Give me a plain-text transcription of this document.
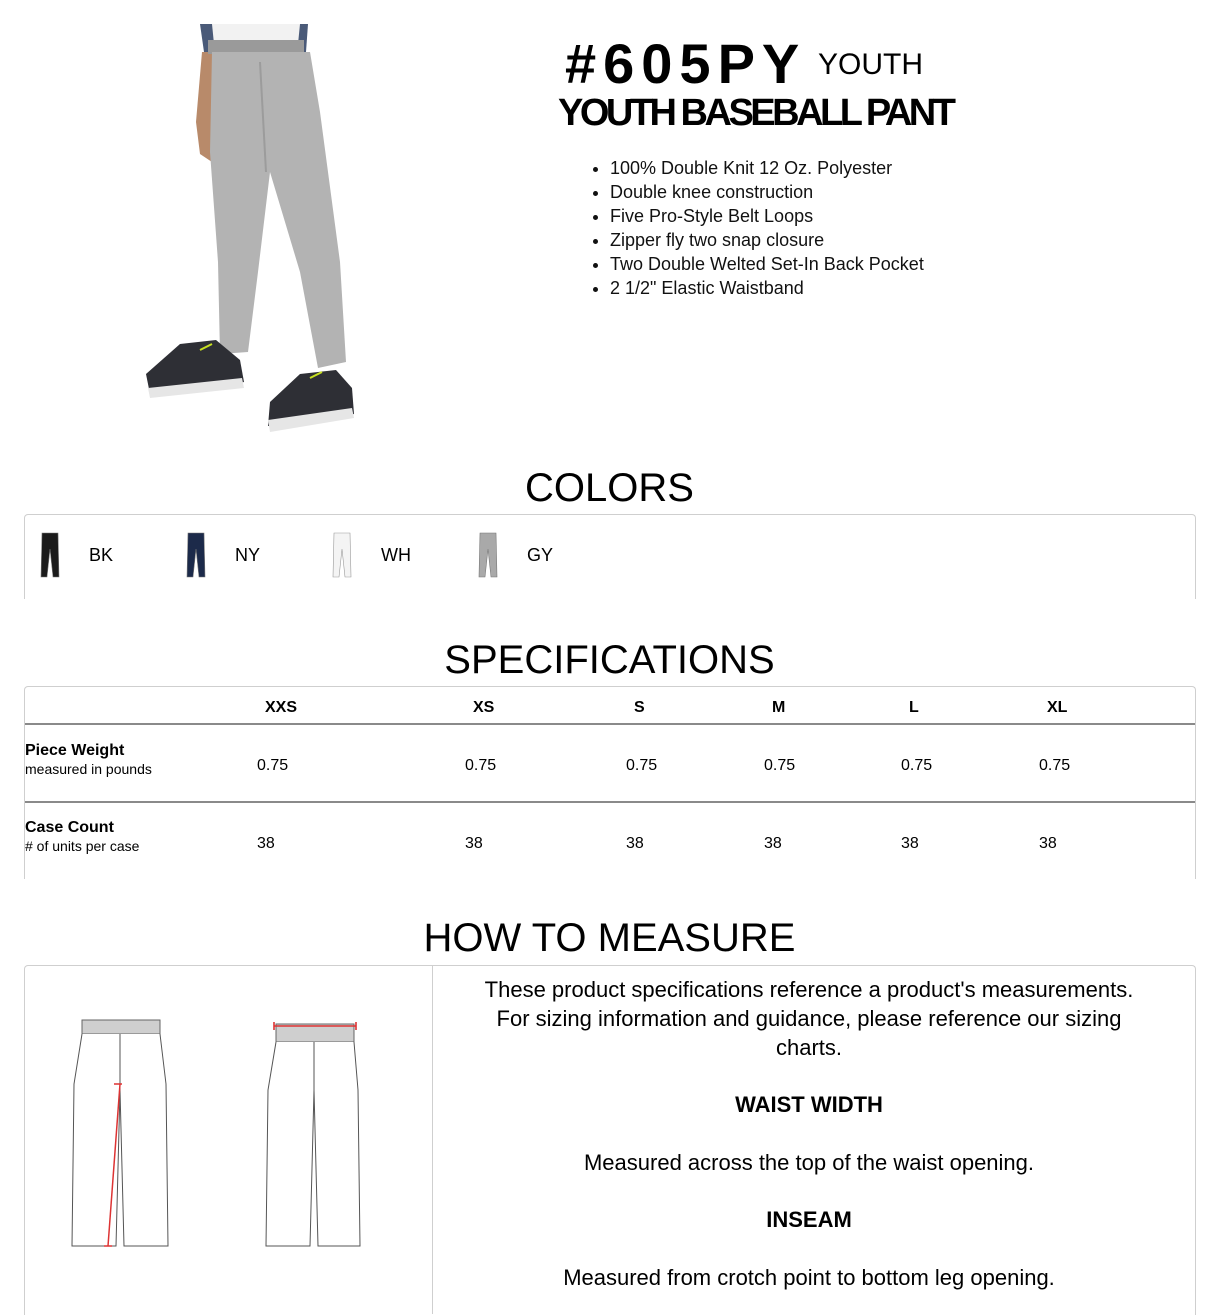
#605PY YOUTH
YOUTH BASEBALL PANT
• 100% Double Knit 12 Oz. Polyester
• Double knee construction
• Five Pro-Style Belt Loops
• Zipper fly two snap closure
• Two Double Welted Set-In Back Pocket
• 2 1/2" Elastic Waistband
COLORS
BK	NY	WH	GY
SPECIFICATIONS
XXS	XS	S	M	L	XL
Piece Weight
measured in pounds	0.75	0.75	0.75	0.75	0.75	0.75
Case Count
# of units per case	38	38	38	38	38	38
HOW TO MEASURE

These product specifications reference a product's measurements. For sizing information and guidance, please reference our sizing charts.

WAIST WIDTH

Measured across the top of the waist opening.

INSEAM

Measured from crotch point to bottom leg opening.
